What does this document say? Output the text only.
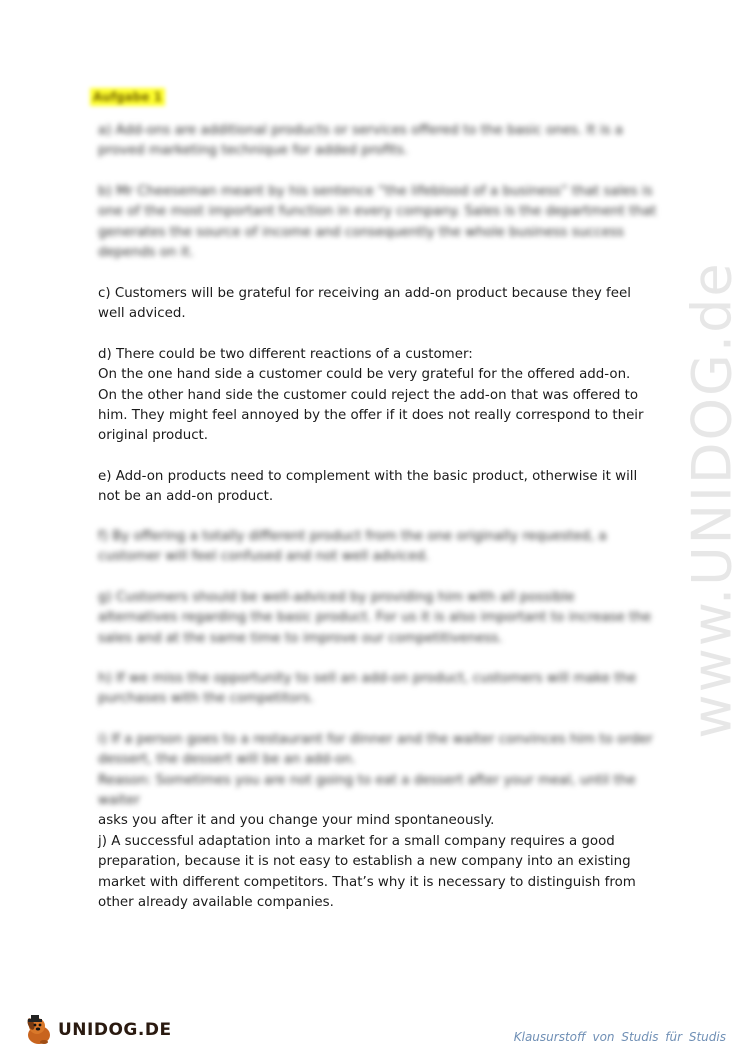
www.UNIDOG.de
Aufgabe 1

a) Add-ons are additional products or services offered to the basic ones. It is a proved marketing technique for added profits.

b) Mr Cheeseman meant by his sentence “the lifeblood of a business” that sales is one of the most important function in every company. Sales is the department that generates the source of income and consequently the whole business success depends on it.

c) Customers will be grateful for receiving an add-on product because they feel well adviced.

d) There could be two different reactions of a customer:

On the one hand side a customer could be very grateful for the offered add-on.

On the other hand side the customer could reject the add-on that was offered to him. They might feel annoyed by the offer if it does not really correspond to their original product.

e) Add-on products need to complement with the basic product, otherwise it will not be an add-on product.

f) By offering a totally different product from the one originally requested, a customer will feel confused and not well adviced.

g) Customers should be well-adviced by providing him with all possible alternatives regarding the basic product. For us it is also important to increase the sales and at the same time to improve our competitiveness.

h) If we miss the opportunity to sell an add-on product, customers will make the purchases with the competitors.

i) If a person goes to a restaurant for dinner and the waiter convinces him to order dessert, the dessert will be an add-on.

Reason: Sometimes you are not going to eat a dessert after your meal, until the waiter

asks you after it and you change your mind spontaneously.

j) A successful adaptation into a market for a small company requires a good preparation, because it is not easy to establish a new company into an existing market with different competitors. That’s why it is necessary to distinguish from other already available companies.

UNIDOG.DE	Klausurstoff von Studis für Studis
